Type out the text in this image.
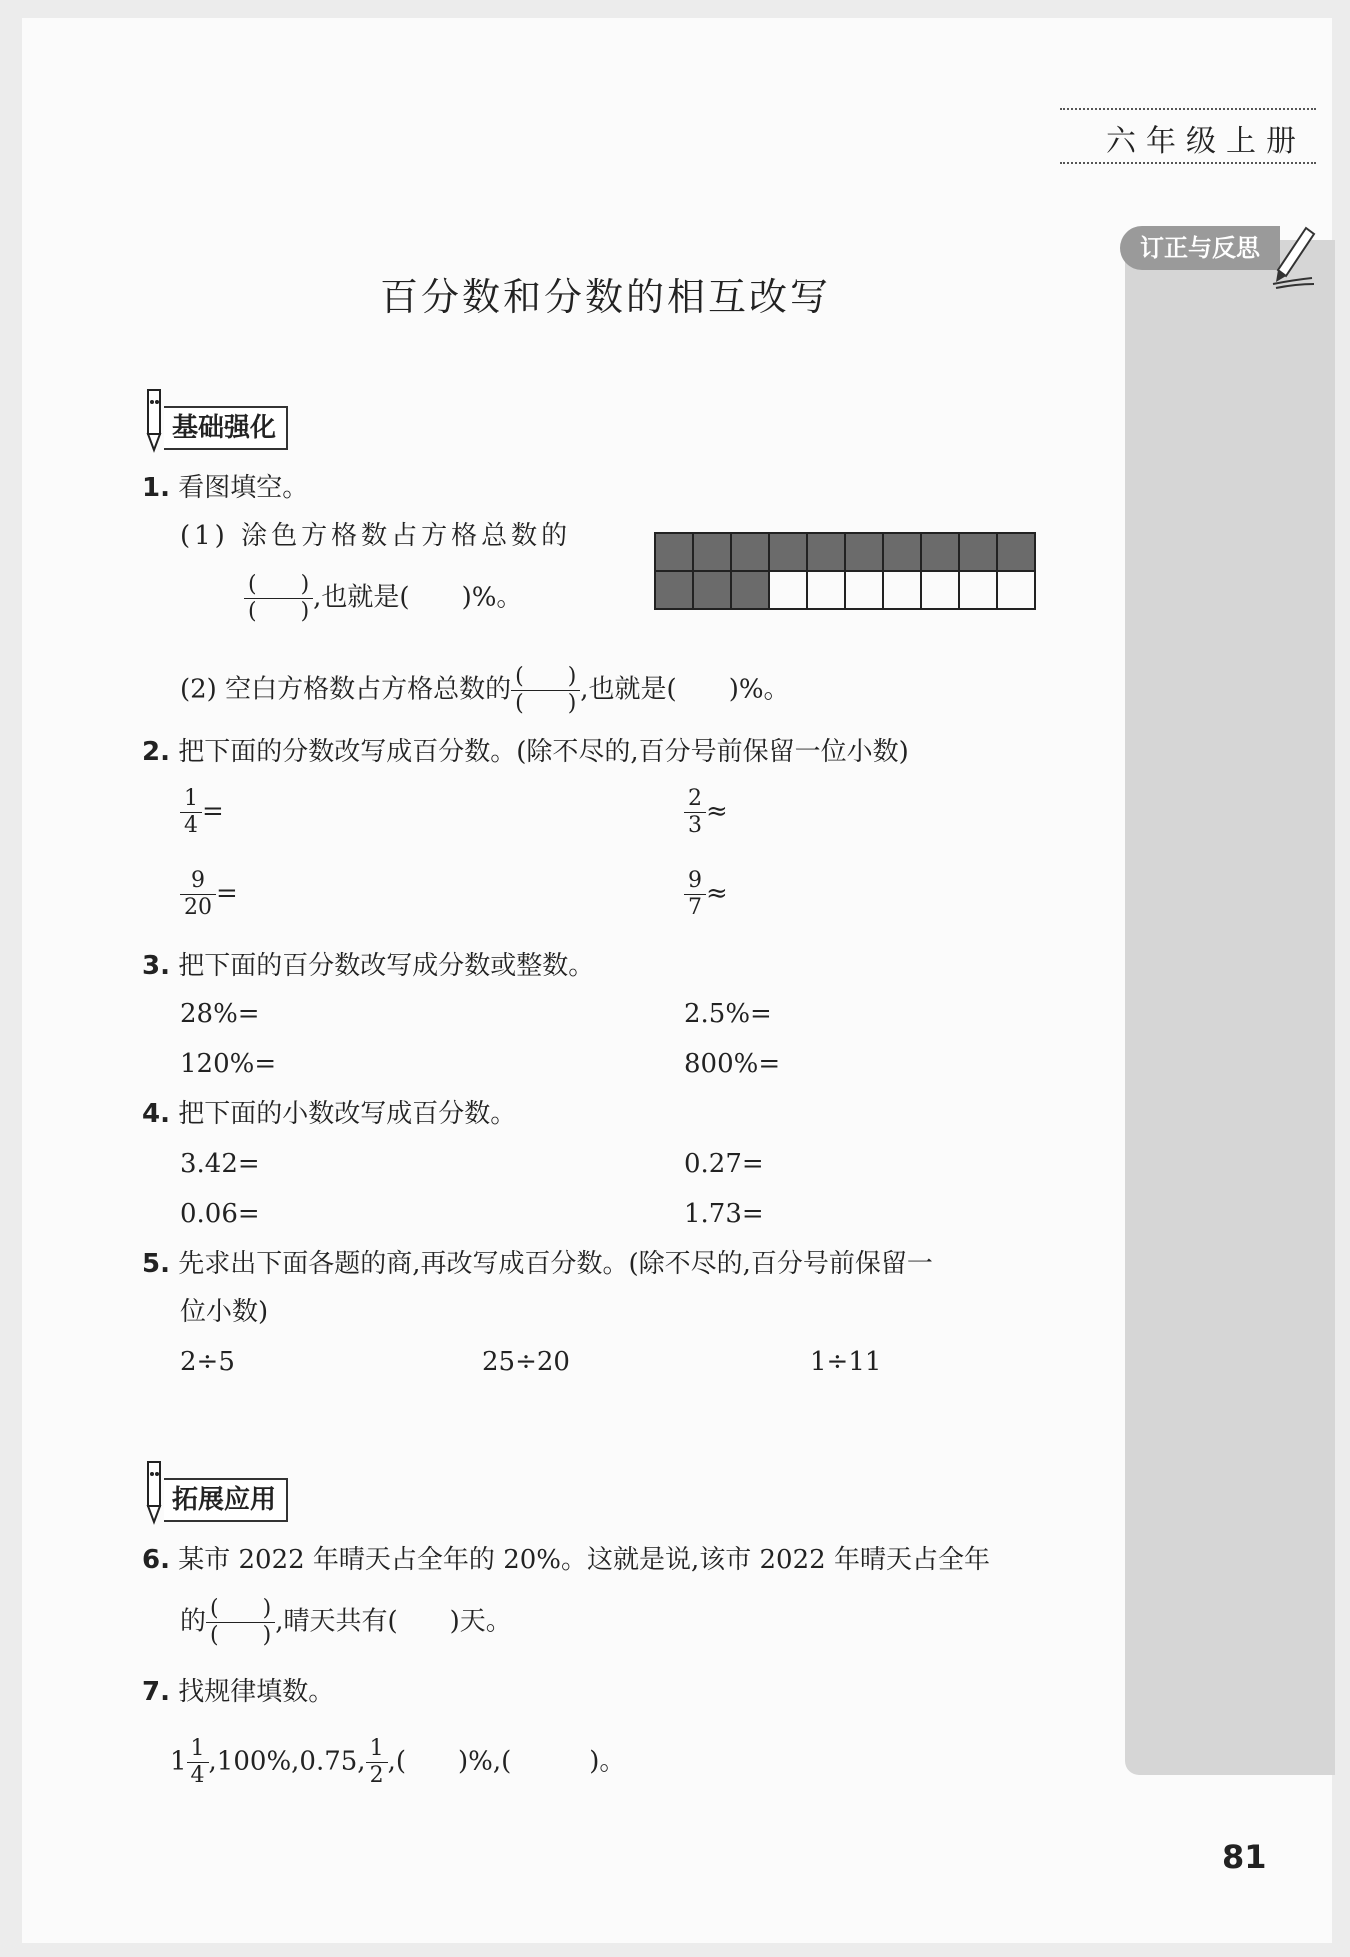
六年级上册
订正与反思
百分数和分数的相互改写
基础强化
1. 看图填空。
(1) 涂色方格数占方格总数的
$\frac{( )}{( )}$ ,也就是(　　)%。
(2) 空白方格数占方格总数的 $\frac{( )}{( )}$ ,也就是(　　)%。
2. 把下面的分数改写成百分数。(除不尽的,百分号前保留一位小数)
$\frac{1}{4}$ =	$\frac{2}{3}$ ≈
$\frac{9}{20}$ =	$\frac{9}{7}$ ≈
3. 把下面的百分数改写成分数或整数。
28%=	2.5%=
120%=	800%=
4. 把下面的小数改写成百分数。
3.42=	0.27=
0.06=	1.73=
5. 先求出下面各题的商,再改写成百分数。(除不尽的,百分号前保留一
位小数)
2÷5	25÷20	1÷11
拓展应用
6. 某市 2022 年晴天占全年的 20%。这就是说,该市 2022 年晴天占全年
的 $\frac{( )}{( )}$ ,晴天共有(　　)天。
7. 找规律填数。
$1 \frac{1}{4} ,100\%,0.75$, $\frac{1}{2}$ ,(　　)%,(　　　)。
81
